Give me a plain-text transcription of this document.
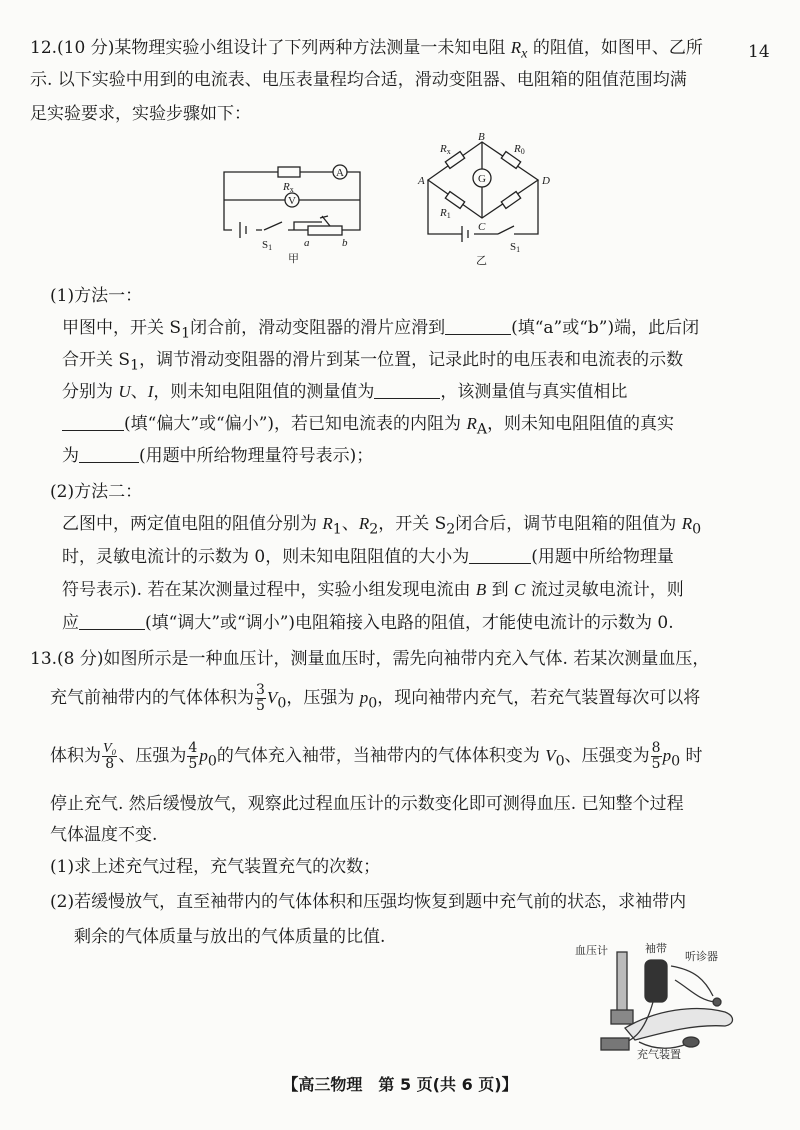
14
12.(10 分)某物理实验小组设计了下列两种方法测量一未知电阻 $R_x$ 的阻值，如图甲、乙所
示. 以下实验中用到的电流表、电压表量程均合适，滑动变阻器、电阻箱的阻值范围均满
足实验要求，实验步骤如下：
Rx
A
V
S1	a	b
甲
A
B
C
D
G
Rx	R0
R1
S1
乙
(1)方法一：
甲图中，开关 $S_1$闭合前，滑动变阻器的滑片应滑到	(填“a”或“b”)端，此后闭
合开关 $S_1$，调节滑动变阻器的滑片到某一位置，记录此时的电压表和电流表的示数
分别为 U、I，则未知电阻阻值的测量值为	，该测量值与真实值相比
(填“偏大”或“偏小”)，若已知电流表的内阻为 $R_A$，则未知电阻阻值的真实
为	(用题中所给物理量符号表示)；
(2)方法二：
乙图中，两定值电阻的阻值分别为 $R_1$、$R_2$，开关 $S_2$闭合后，调节电阻箱的阻值为 $R_0$
时，灵敏电流计的示数为 0，则未知电阻阻值的大小为	(用题中所给物理量
符号表示). 若在某次测量过程中，实验小组发现电流由 B 到 C 流过灵敏电流计，则
应	(填“调大”或“调小”)电阻箱接入电路的阻值，才能使电流计的示数为 0.
13.(8 分)如图所示是一种血压计，测量血压时，需先向袖带内充入气体. 若某次测量血压，
充气前袖带内的气体体积为 $\frac{3}{5} V_0$，压强为 $p_0$，现向袖带内充气，若充气装置每次可以将
体积为 $\frac{\text{V₀}}{8}$ 、压强为 $\frac{4}{5} p_0$的气体充入袖带，当袖带内的气体体积变为 $V_0$、压强变为 $\frac{8}{5} p_0$ 时
停止充气. 然后缓慢放气，观察此过程血压计的示数变化即可测得血压. 已知整个过程
气体温度不变.
(1)求上述充气过程，充气装置充气的次数；
(2)若缓慢放气，直至袖带内的气体体积和压强均恢复到题中充气前的状态，求袖带内
剩余的气体质量与放出的气体质量的比值.
血压计	袖带
听诊器
充气装置
【高三物理　第 5 页(共 6 页)】
